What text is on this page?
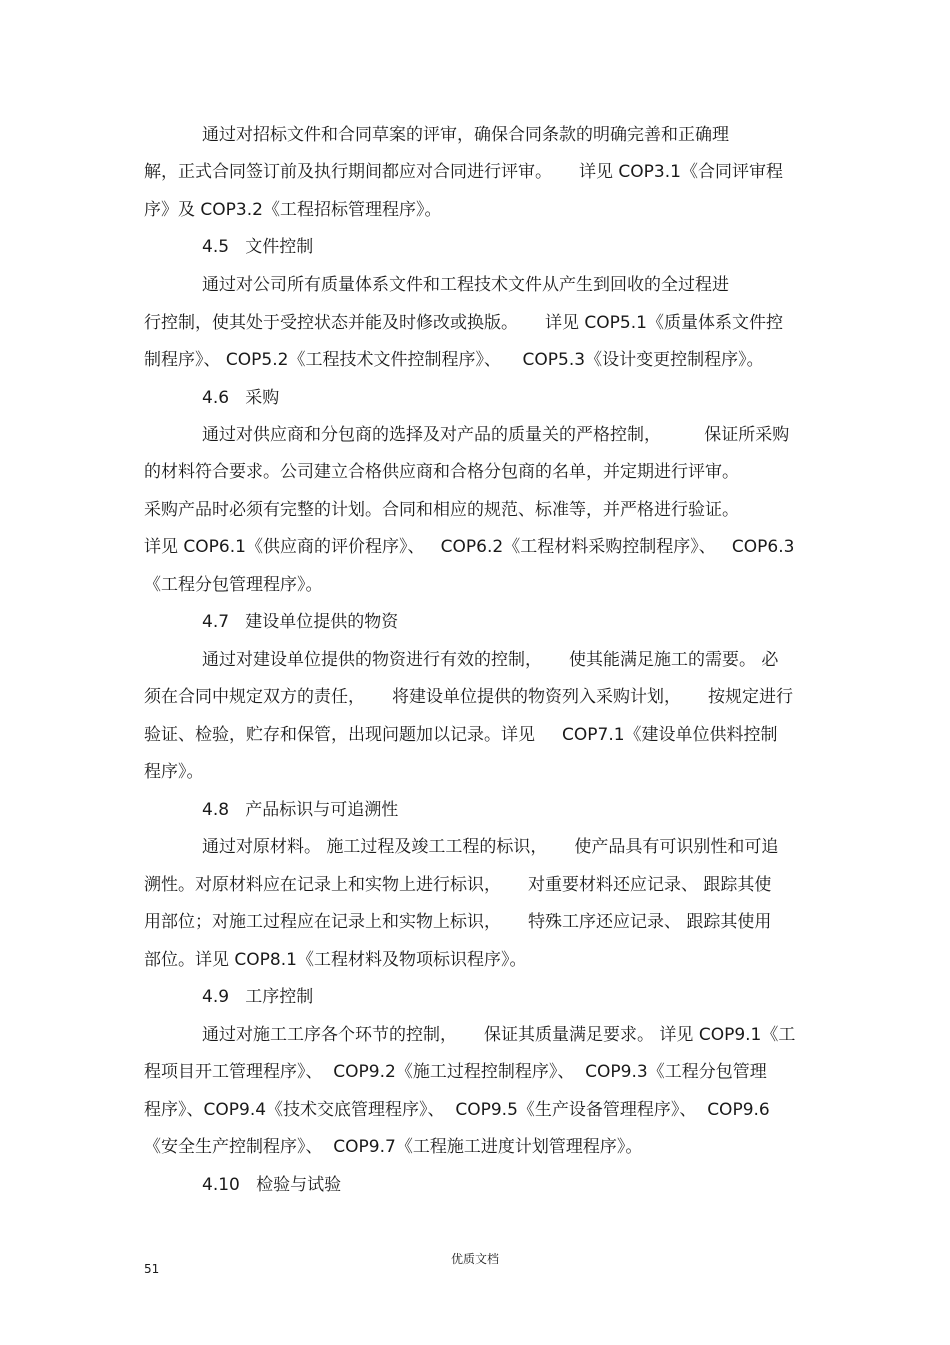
通过对招标文件和合同草案的评审，确保合同条款的明确完善和正确理
解，正式合同签订前及执行期间都应对合同进行评审。     详见 COP3.1《合同评审程
序》及 COP3.2《工程招标管理程序》。
4.5   文件控制
通过对公司所有质量体系文件和工程技术文件从产生到回收的全过程进
行控制，使其处于受控状态并能及时修改或换版。     详见 COP5.1《质量体系文件控
制程序》、 COP5.2《工程技术文件控制程序》、    COP5.3《设计变更控制程序》。
4.6   采购
通过对供应商和分包商的选择及对产品的质量关的严格控制，        保证所采购
的材料符合要求。公司建立合格供应商和合格分包商的名单，并定期进行评审。
采购产品时必须有完整的计划。合同和相应的规范、标准等，并严格进行验证。
详见 COP6.1《供应商的评价程序》、   COP6.2《工程材料采购控制程序》、   COP6.3
《工程分包管理程序》。
4.7   建设单位提供的物资
通过对建设单位提供的物资进行有效的控制，     使其能满足施工的需要。 必
须在合同中规定双方的责任，     将建设单位提供的物资列入采购计划，     按规定进行
验证、检验，贮存和保管，出现问题加以记录。详见     COP7.1《建设单位供料控制
程序》。
4.8   产品标识与可追溯性
通过对原材料。 施工过程及竣工工程的标识，     使产品具有可识别性和可追
溯性。对原材料应在记录上和实物上进行标识，     对重要材料还应记录、 跟踪其使
用部位；对施工过程应在记录上和实物上标识，     特殊工序还应记录、 跟踪其使用
部位。详见 COP8.1《工程材料及物项标识程序》。
4.9   工序控制
通过对施工工序各个环节的控制，     保证其质量满足要求。 详见 COP9.1《工
程项目开工管理程序》、  COP9.2《施工过程控制程序》、  COP9.3《工程分包管理
程序》、COP9.4《技术交底管理程序》、  COP9.5《生产设备管理程序》、  COP9.6
《安全生产控制程序》、  COP9.7《工程施工进度计划管理程序》。
4.10   检验与试验
优质文档
51
